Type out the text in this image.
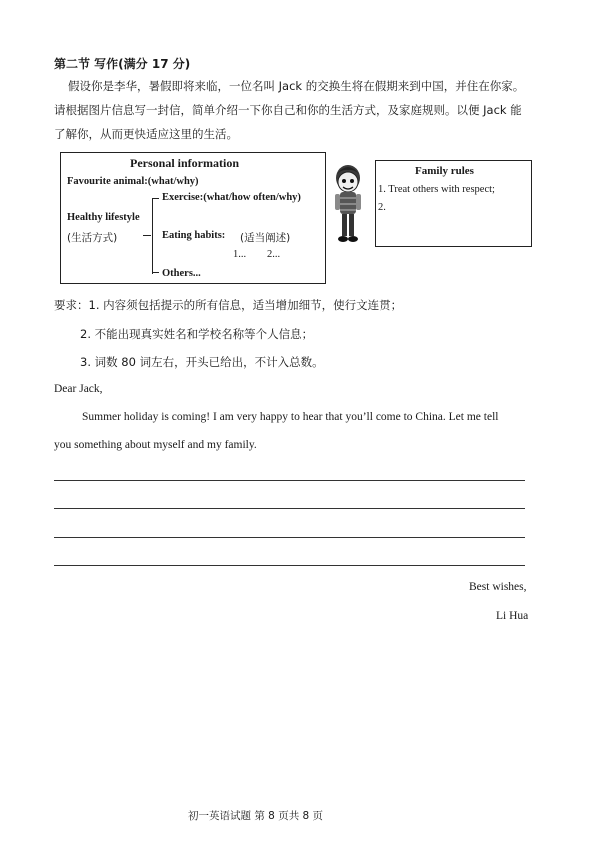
第二节 写作(满分 17 分)
假设你是李华，暑假即将来临，一位名叫 Jack 的交换生将在假期来到中国，并住在你家。
请根据图片信息写一封信，简单介绍一下你自己和你的生活方式，及家庭规则。以便 Jack 能
了解你，从而更快适应这里的生活。
Personal information
Favourite animal:(what/why)
Healthy lifestyle
(生活方式)
Exercise:(what/how often/why)
Eating habits: (适当阐述)
1... 2...
Others...
Family rules
1. Treat others with respect;
2.
要求：1. 内容须包括提示的所有信息，适当增加细节，使行文连贯；
2. 不能出现真实姓名和学校名称等个人信息；
3. 词数 80 词左右，开头已给出，不计入总数。
Dear Jack,
Summer holiday is coming! I am very happy to hear that you’ll come to China. Let me tell
you something about myself and my family.
Best wishes,
Li Hua
初一英语试题 第 8 页共 8 页
